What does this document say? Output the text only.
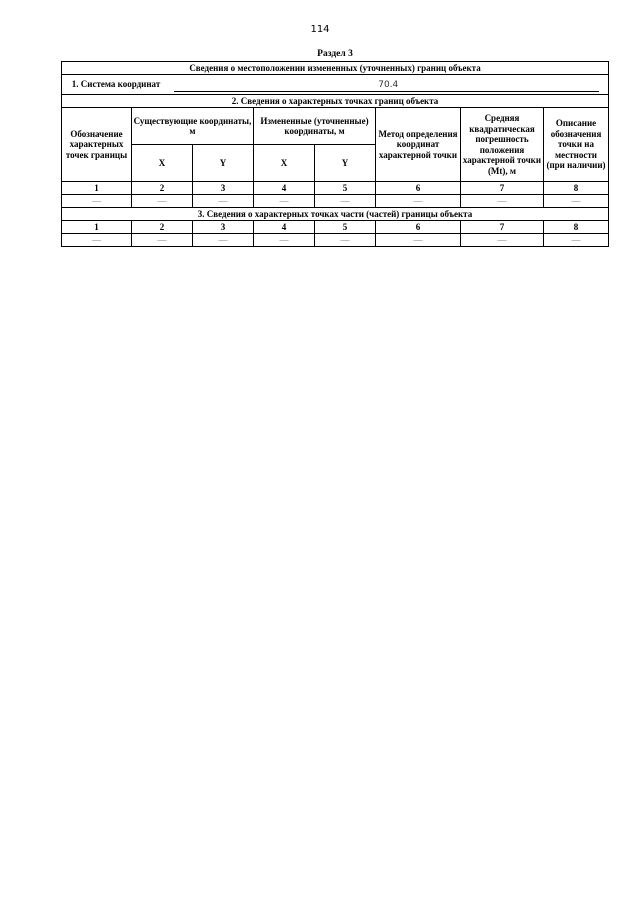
114
Раздел 3
Сведения о местоположении измененных (уточненных) границ объекта							
1. Система координат 70.4							
2. Сведения о характерных точках границ объекта							
Обозначение характерных точек границы	Существующие координаты, м		Измененные (уточненные) координаты, м		Метод определения координат характерной точки	Средняя квадратическая погрешность положения характерной точки (Mt), м	Описание обозначения точки на местности (при наличии)
	X	Y	X	Y			
1	2	3	4	5	6	7	8
—	—	—	—	—	—	—	—
3. Сведения о характерных точках части (частей) границы объекта							
1	2	3	4	5	6	7	8
—	—	—	—	—	—	—	—
